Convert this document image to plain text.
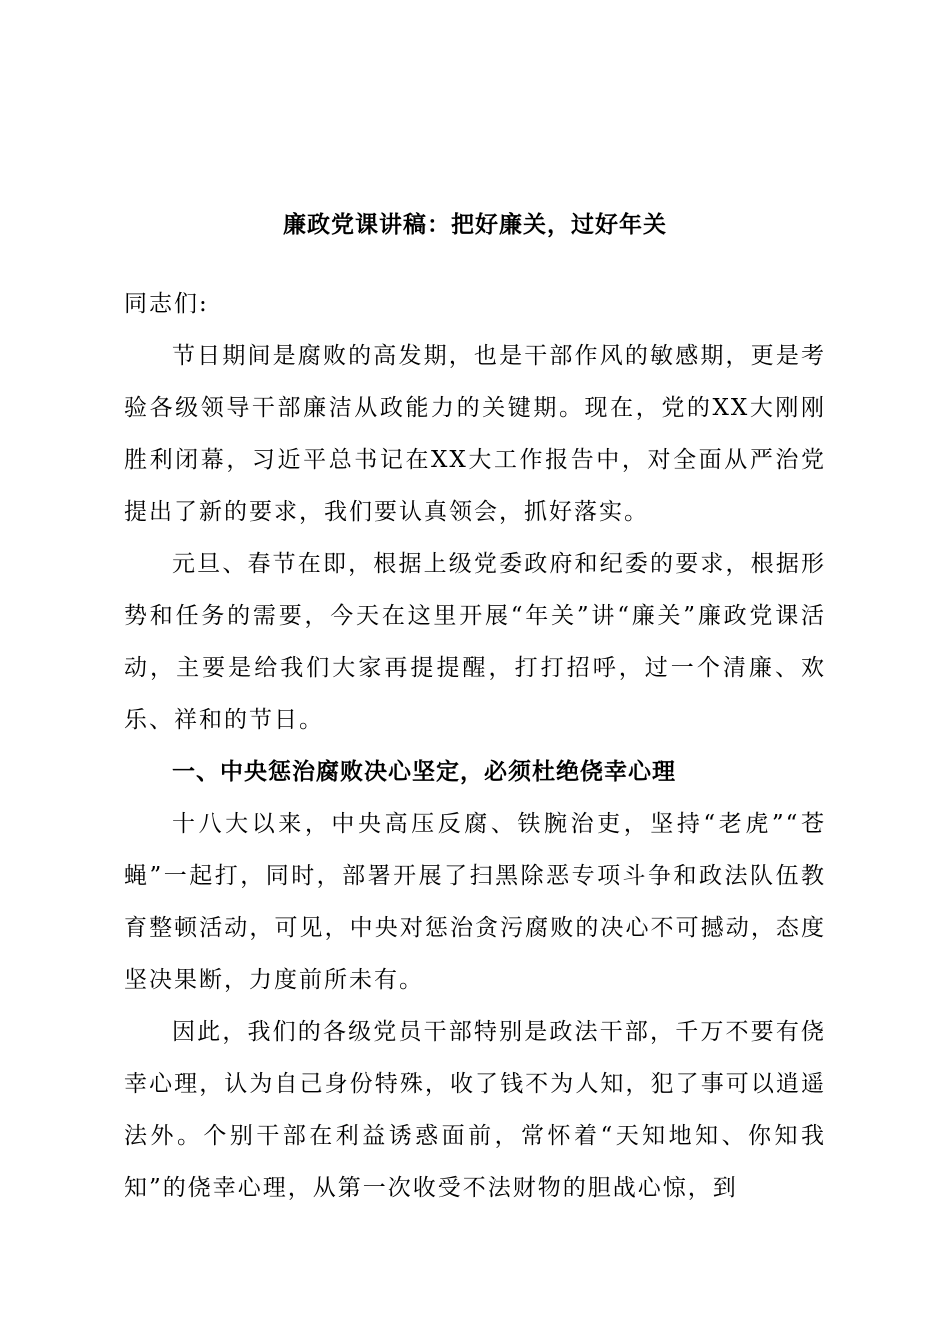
廉政党课讲稿：把好廉关，过好年关
同志们:

节日期间是腐败的高发期，也是干部作风的敏感期，更是考验各级领导干部廉洁从政能力的关键期。现在，党的XX大刚刚胜利闭幕，习近平总书记在XX大工作报告中，对全面从严治党提出了新的要求，我们要认真领会，抓好落实。

元旦、春节在即，根据上级党委政府和纪委的要求，根据形势和任务的需要，今天在这里开展“年关”讲“廉关”廉政党课活动，主要是给我们大家再提提醒，打打招呼，过一个清廉、欢乐、祥和的节日。

一、中央惩治腐败决心坚定，必须杜绝侥幸心理

十八大以来，中央高压反腐、铁腕治吏，坚持“老虎”“苍蝇”一起打，同时，部署开展了扫黑除恶专项斗争和政法队伍教育整顿活动，可见，中央对惩治贪污腐败的决心不可撼动，态度坚决果断，力度前所未有。

因此，我们的各级党员干部特别是政法干部，千万不要有侥幸心理，认为自己身份特殊，收了钱不为人知，犯了事可以逍遥法外。个别干部在利益诱惑面前，常怀着“天知地知、你知我知”的侥幸心理，从第一次收受不法财物的胆战心惊，到
